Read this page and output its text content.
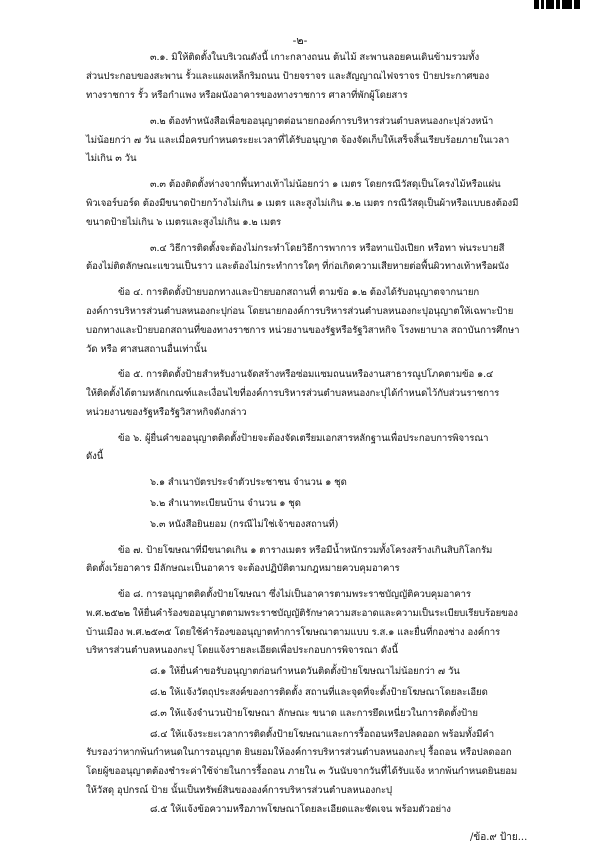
-๒-
๓.๑. มิให้ติดตั้งในบริเวณดังนี้ เกาะกลางถนน ต้นไม้ สะพานลอยคนเดินข้ามรวมทั้ง
ส่วนประกอบของสะพาน รั้วและแผงเหล็กริมถนน ป้ายจราจร และสัญญาณไฟจราจร ป้ายประกาศของ
ทางราชการ รั้ว หรือกำแพง หรือผนังอาคารของทางราชการ ศาลาที่พักผู้โดยสาร
๓.๒ ต้องทำหนังสือเพื่อขออนุญาตต่อนายกองค์การบริหารส่วนตำบลหนองกะปุล่วงหน้า
ไม่น้อยกว่า ๗ วัน และเมื่อครบกำหนดระยะเวลาที่ได้รับอนุญาต จ้องจัดเก็บให้เสร็จสิ้นเรียบร้อยภายในเวลา
ไม่เกิน ๓ วัน
๓.๓ ต้องติดตั้งห่างจากพื้นทางเท้าไม่น้อยกว่า ๑ เมตร โดยกรณีวัสดุเป็นโครงไม้หรือแผ่น
พิวเจอร์บอร์ด ต้องมีขนาดป้ายกว้างไม่เกิน ๑ เมตร และสูงไม่เกิน ๑.๒ เมตร กรณีวัสดุเป็นผ้าหรือแบบธงต้องมี
ขนาดป้ายไม่เกิน ๖ เมตรและสูงไม่เกิน ๑.๒ เมตร
๓.๔ วิธีการติดตั้งจะต้องไม่กระทำโดยวิธีการพาการ หรือทาแป้งเปียก หรือทา พ่นระบายสี
ต้องไม่ติดลักษณะแขวนเป็นราว และต้องไม่กระทำการใดๆ ที่ก่อเกิดความเสียหายต่อพื้นผิวทางเท้าหรือผนัง
ข้อ ๔. การติดตั้งป้ายบอกทางและป้ายบอกสถานที่ ตามข้อ ๑.๒ ต้องได้รับอนุญาตจากนายก
องค์การบริหารส่วนตำบลหนองกะปุก่อน โดยนายกองค์การบริหารส่วนตำบลหนองกะปุอนุญาตให้เฉพาะป้าย
บอกทางและป้ายบอกสถานที่ของทางราชการ หน่วยงานของรัฐหรือรัฐวิสาหกิจ โรงพยาบาล สถาบันการศึกษา
วัด หรือ ศาสนสถานอื่นเท่านั้น
ข้อ ๕. การติดตั้งป้ายสำหรับงานจัดสร้างหรือซ่อมแซมถนนหรืองานสาธารณูปโภคตามข้อ ๑.๔
ให้ติดตั้งได้ตามหลักเกณฑ์และเงื่อนไขที่องค์การบริหารส่วนตำบลหนองกะปุได้กำหนดไว้กับส่วนราชการ
หน่วยงานของรัฐหรือรัฐวิสาหกิจดังกล่าว
ข้อ ๖. ผู้ยื่นคำขออนุญาตติดตั้งป้ายจะต้องจัดเตรียมเอกสารหลักฐานเพื่อประกอบการพิจารณา
ดังนี้
๖.๑ สำเนาบัตรประจำตัวประชาชน จำนวน ๑ ชุด
๖.๒ สำเนาทะเบียนบ้าน จำนวน ๑ ชุด
๖.๓ หนังสือยินยอม (กรณีไม่ใช่เจ้าของสถานที่)
ข้อ ๗. ป้ายโฆษณาที่มีขนาดเกิน ๑ ตารางเมตร หรือมีน้ำหนักรวมทั้งโครงสร้างเกินสิบกิโลกรัม
ติดตั้งเว้ยอาคาร มีลักษณะเป็นอาคาร จะต้องปฏิบัติตามกฎหมายควบคุมอาคาร
ข้อ ๘. การอนุญาตติดตั้งป้ายโฆษณา ซึ่งไม่เป็นอาคารตามพระราชบัญญัติควบคุมอาคาร
พ.ศ.๒๕๒๒ ให้ยื่นคำร้องขออนุญาตตามพระราชบัญญัติรักษาความสะอาดและความเป็นระเบียบเรียบร้อยของ
บ้านเมือง พ.ศ.๒๕๓๕ โดยใช้คำร้องขออนุญาตทำการโฆษณาตามแบบ ร.ส.๑ และยื่นที่กองช่าง องค์การ
บริหารส่วนตำบลหนองกะปุ โดยแจ้งรายละเอียดเพื่อประกอบการพิจารณา ดังนี้
๘.๑ ให้ยื่นคำขอรับอนุญาตก่อนกำหนดวันติดตั้งป้ายโฆษณาไม่น้อยกว่า ๗ วัน
๘.๒ ให้แจ้งวัตถุประสงค์ของการติดตั้ง สถานที่และจุดที่จะตั้งป้ายโฆษณาโดยละเอียด
๘.๓ ให้แจ้งจำนวนป้ายโฆษณา ลักษณะ ขนาด และการยึดเหนี่ยวในการติดตั้งป้าย
๘.๔ ให้แจ้งระยะเวลาการติดตั้งป้ายโฆษณาและการรื้อถอนหรือปลดออก พร้อมทั้งมีคำ
รับรองว่าหากพ้นกำหนดในการอนุญาต ยินยอมให้องค์การบริหารส่วนตำบลหนองกะปุ รื้อถอน หรือปลดออก
โดยผู้ขออนุญาตต้องชำระค่าใช้จ่ายในการรื้อถอน ภายใน ๓ วันนับจากวันที่ได้รับแจ้ง หากพ้นกำหนดยินยอม
ให้วัสดุ อุปกรณ์ ป้าย นั้นเป็นทรัพย์สินขององค์การบริหารส่วนตำบลหนองกะปุ
๘.๕ ให้แจ้งข้อความหรือภาพโฆษณาโดยละเอียดและชัดเจน พร้อมตัวอย่าง
/ข้อ.๙ ป้าย...
